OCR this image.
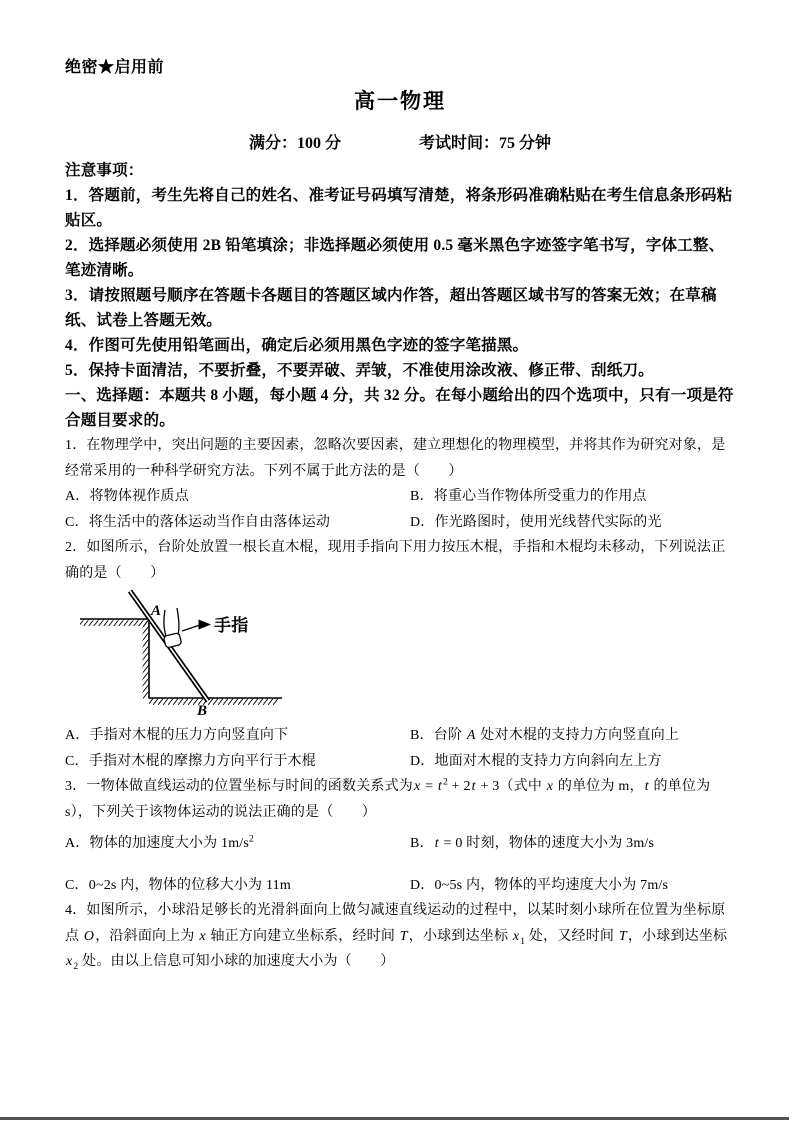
绝密★启用前
高一物理
满分：100 分	考试时间：75 分钟

注意事项：

1．答题前，考生先将自己的姓名、准考证号码填写清楚，将条形码准确粘贴在考生信息条形码粘贴区。

2．选择题必须使用 2B 铅笔填涂；非选择题必须使用 0.5 毫米黑色字迹签字笔书写，字体工整、笔迹清晰。

3．请按照题号顺序在答题卡各题目的答题区域内作答，超出答题区域书写的答案无效；在草稿纸、试卷上答题无效。

4．作图可先使用铅笔画出，确定后必须用黑色字迹的签字笔描黑。

5．保持卡面清洁，不要折叠，不要弄破、弄皱，不准使用涂改液、修正带、刮纸刀。

一、选择题：本题共 8 小题，每小题 4 分，共 32 分。在每小题给出的四个选项中，只有一项是符合题目要求的。

1．在物理学中，突出问题的主要因素，忽略次要因素，建立理想化的物理模型，并将其作为研究对象，是经常采用的一种科学研究方法。下列不属于此方法的是（　　）

A．将物体视作质点	B．将重心当作物体所受重力的作用点
C．将生活中的落体运动当作自由落体运动	D．作光路图时，使用光线替代实际的光

2．如图所示，台阶处放置一根长直木棍，现用手指向下用力按压木棍，手指和木棍均未移动，下列说法正确的是（　　）

A
B
手指
A．手指对木棍的压力方向竖直向下	B．台阶 A 处对木棍的支持力方向竖直向上
C．手指对木棍的摩擦力方向平行于木棍	D．地面对木棍的支持力方向斜向左上方

3．一物体做直线运动的位置坐标与时间的函数关系式为$x = t^2 + 2t + 3$（式中 x 的单位为 m，t 的单位为 s），下列关于该物体运动的说法正确的是（　　）

A．物体的加速度大小为 $1m/s^2$	B．t = 0 时刻，物体的速度大小为 3m/s
C．0~2s 内，物体的位移大小为 11m	D．0~5s 内，物体的平均速度大小为 7m/s

4．如图所示，小球沿足够长的光滑斜面向上做匀减速直线运动的过程中，以某时刻小球所在位置为坐标原点 O，沿斜面向上为 x 轴正方向建立坐标系，经时间 T，小球到达坐标 $x_1$ 处，又经时间 T，小球到达坐标 $x_2$ 处。由以上信息可知小球的加速度大小为（　　）
